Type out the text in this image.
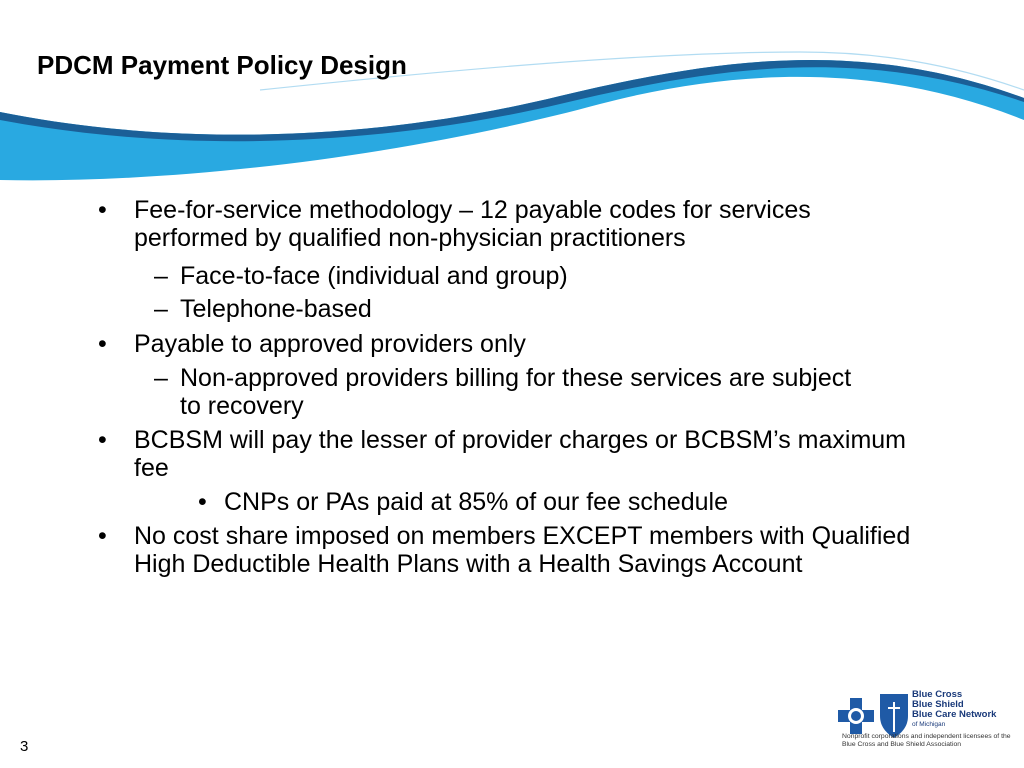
PDCM Payment Policy Design
• Fee-for-service methodology – 12 payable codes for services performed by qualified non-physician practitioners
– Face-to-face (individual and group)
– Telephone-based
• Payable to approved providers only
– Non-approved providers billing for these services are subject to recovery
• BCBSM will pay the lesser of provider charges or BCBSM’s maximum fee
• CNPs or PAs paid at 85% of our fee schedule
• No cost share imposed on members EXCEPT members with Qualified High Deductible Health Plans with a Health Savings Account
3
Blue Cross
Blue Shield
Blue Care Network
of Michigan
Nonprofit corporations and independent licensees of the Blue Cross and Blue Shield Association
